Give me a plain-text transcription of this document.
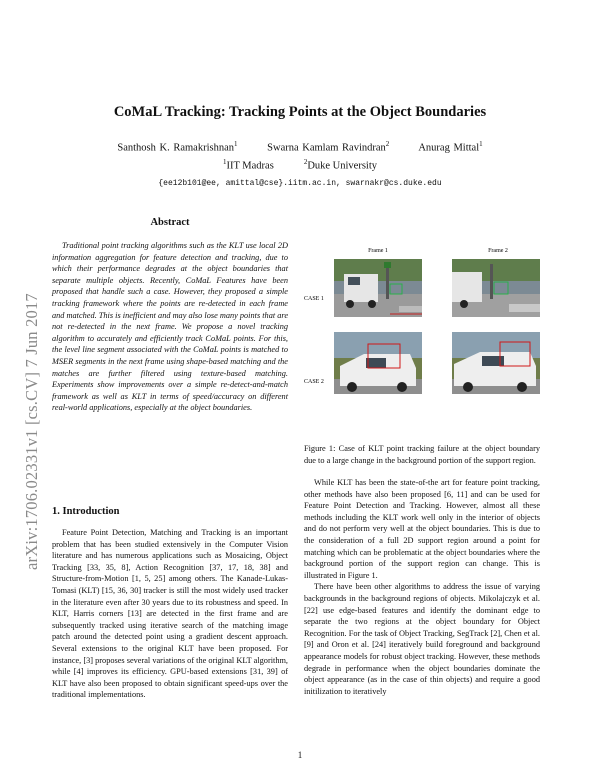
CoMaL Tracking: Tracking Points at the Object Boundaries
Santhosh K. Ramakrishnan$^1$	Swarna Kamlam Ravindran$^2$	Anurag Mittal$^1$
$^1$IIT Madras	$^2$Duke University
{ee12b101@ee, amittal@cse}.iitm.ac.in, swarnakr@cs.duke.edu
arXiv:1706.02331v1 [cs.CV] 7 Jun 2017
Abstract
Traditional point tracking algorithms such as the KLT use local 2D information aggregation for feature detection and tracking, due to which their performance degrades at the object boundaries that separate multiple objects. Recently, CoMaL Features have been proposed that handle such a case. However, they proposed a simple tracking framework where the points are re-detected in each frame and matched. This is inefficient and may also lose many points that are not re-detected in the next frame. We propose a novel tracking algorithm to accurately and efficiently track CoMaL points. For this, the level line segment associated with the CoMaL points is matched to MSER segments in the next frame using shape-based matching and the matches are further filtered using texture-based matching. Experiments show improvements over a simple re-detect-and-match framework as well as KLT in terms of speed/accuracy on different real-world applications, especially at the object boundaries.
1. Introduction
Feature Point Detection, Matching and Tracking is an important problem that has been studied extensively in the Computer Vision literature and has numerous applications such as Mosaicing, Object Tracking [33, 35, 8], Action Recognition [37, 17, 18, 38] and Structure-from-Motion [1, 5, 25] among others. The Kanade-Lukas-Tomasi (KLT) [15, 36, 30] tracker is still the most widely used tracker in the literature even after 30 years due to its robustness and speed. In KLT, Harris corners [13] are detected in the first frame and are subsequently tracked using iterative search of the matching image patch around the detected point using a gradient descent approach. Several extensions to the original KLT have been proposed. For instance, [3] proposes several variations of the original KLT algorithm, while [4] improves its efficiency. GPU-based extensions [31, 39] of KLT have also been proposed to obtain significant speed-ups over the traditional implementations.
Frame 1	Frame 2
CASE 1
CASE 2
Figure 1: Case of KLT point tracking failure at the object boundary due to a large change in the background portion of the support region.

While KLT has been the state-of-the art for feature point tracking, other methods have also been proposed [6, 11] and can be used for Feature Point Detection and Tracking. However, almost all these methods including the KLT work well only in the interior of objects and do not perform very well at the object boundaries. This is due to the consideration of a full 2D support region around a point for matching which can be problematic at the object boundaries where the background portion of the support region can change. This is illustrated in Figure 1.

There have been other algorithms to address the issue of varying backgrounds in the background regions of objects. Mikolajczyk et al. [22] use edge-based features and identify the dominant edge to separate the two regions at the object boundary for Object Recognition. For the task of Object Tracking, SegTrack [2], Chen et al. [9] and Oron et al. [24] iteratively build foreground and background appearance models for robust object tracking. However, these methods degrade in performance when the object boundaries dominate the object appearance (as in the case of thin objects) and require a good initilization to iteratively

1
